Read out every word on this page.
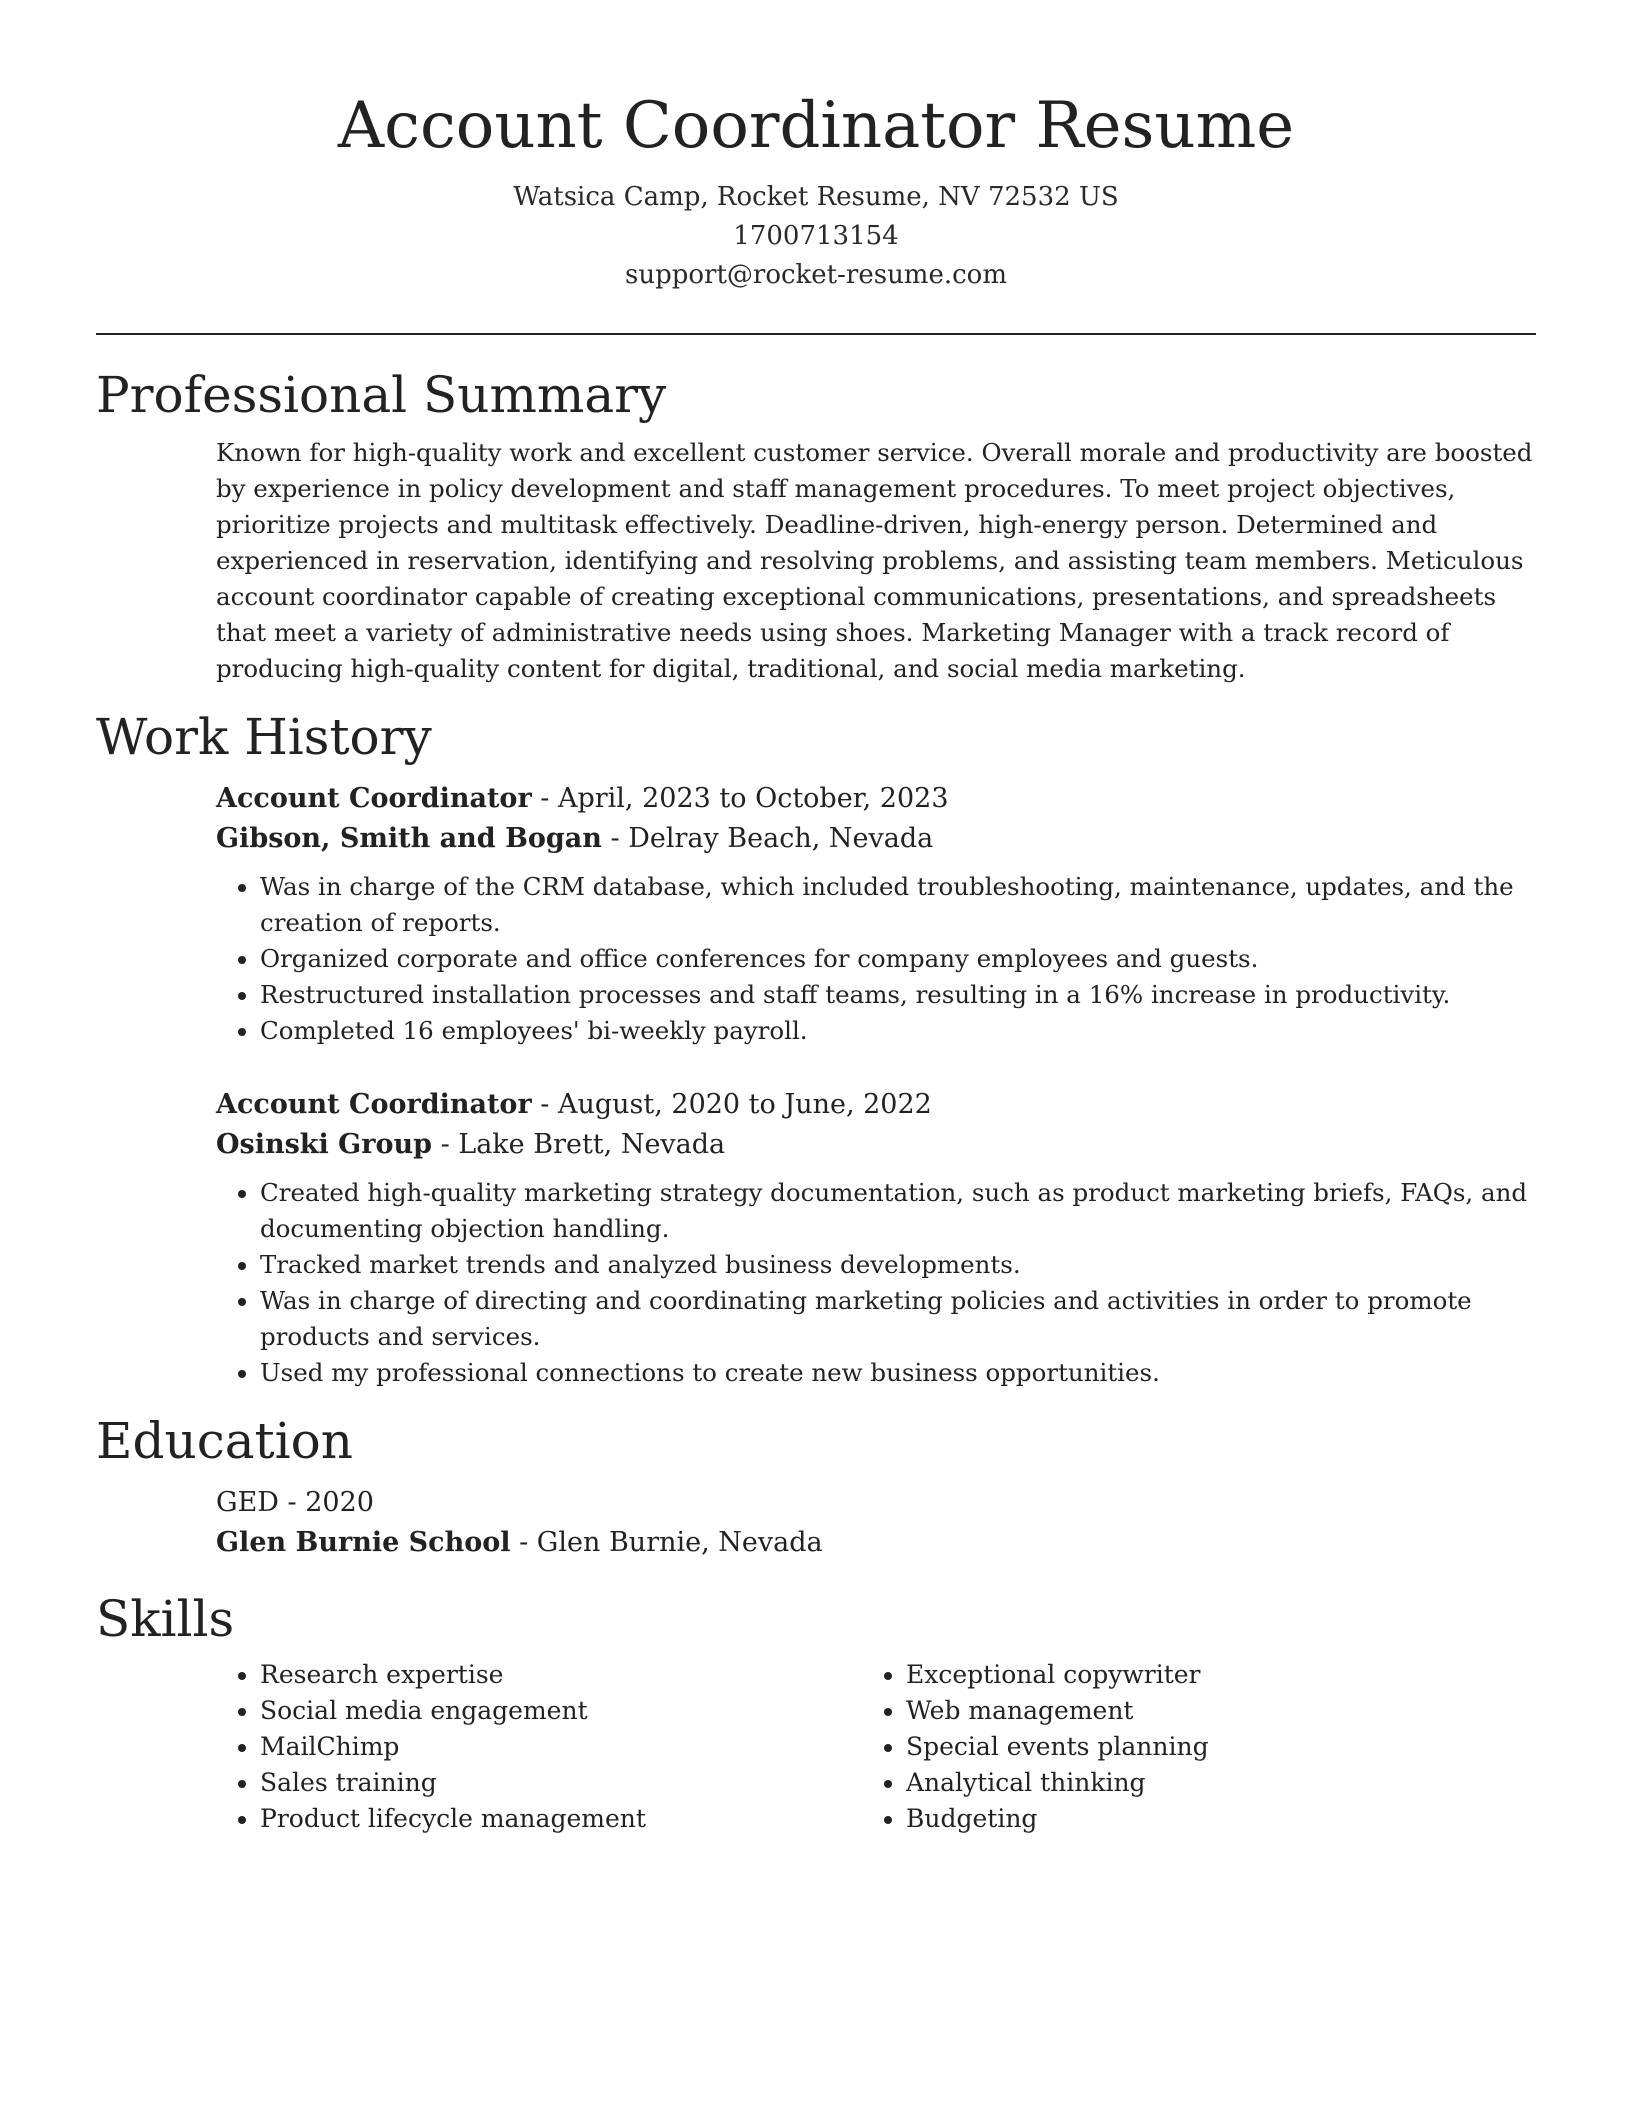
Account Coordinator Resume
Watsica Camp, Rocket Resume, NV 72532 US
1700713154
support@rocket-resume.com
Professional Summary

Known for high-quality work and excellent customer service. Overall morale and productivity are boosted by experience in policy development and staff management procedures. To meet project objectives, prioritize projects and multitask effectively. Deadline-driven, high-energy person. Determined and experienced in reservation, identifying and resolving problems, and assisting team members. Meticulous account coordinator capable of creating exceptional communications, presentations, and spreadsheets that meet a variety of administrative needs using shoes. Marketing Manager with a track record of producing high-quality content for digital, traditional, and social media marketing.

Work History
Account Coordinator - April, 2023 to October, 2023
Gibson, Smith and Bogan - Delray Beach, Nevada
• Was in charge of the CRM database, which included troubleshooting, maintenance, updates, and the creation of reports.
• Organized corporate and office conferences for company employees and guests.
• Restructured installation processes and staff teams, resulting in a 16% increase in productivity.
• Completed 16 employees' bi-weekly payroll.
Account Coordinator - August, 2020 to June, 2022
Osinski Group - Lake Brett, Nevada
• Created high-quality marketing strategy documentation, such as product marketing briefs, FAQs, and documenting objection handling.
• Tracked market trends and analyzed business developments.
• Was in charge of directing and coordinating marketing policies and activities in order to promote products and services.
• Used my professional connections to create new business opportunities.
Education
GED - 2020
Glen Burnie School - Glen Burnie, Nevada
Skills
• Research expertise
• Social media engagement
• MailChimp
• Sales training
• Product lifecycle management
• Exceptional copywriter
• Web management
• Special events planning
• Analytical thinking
• Budgeting
